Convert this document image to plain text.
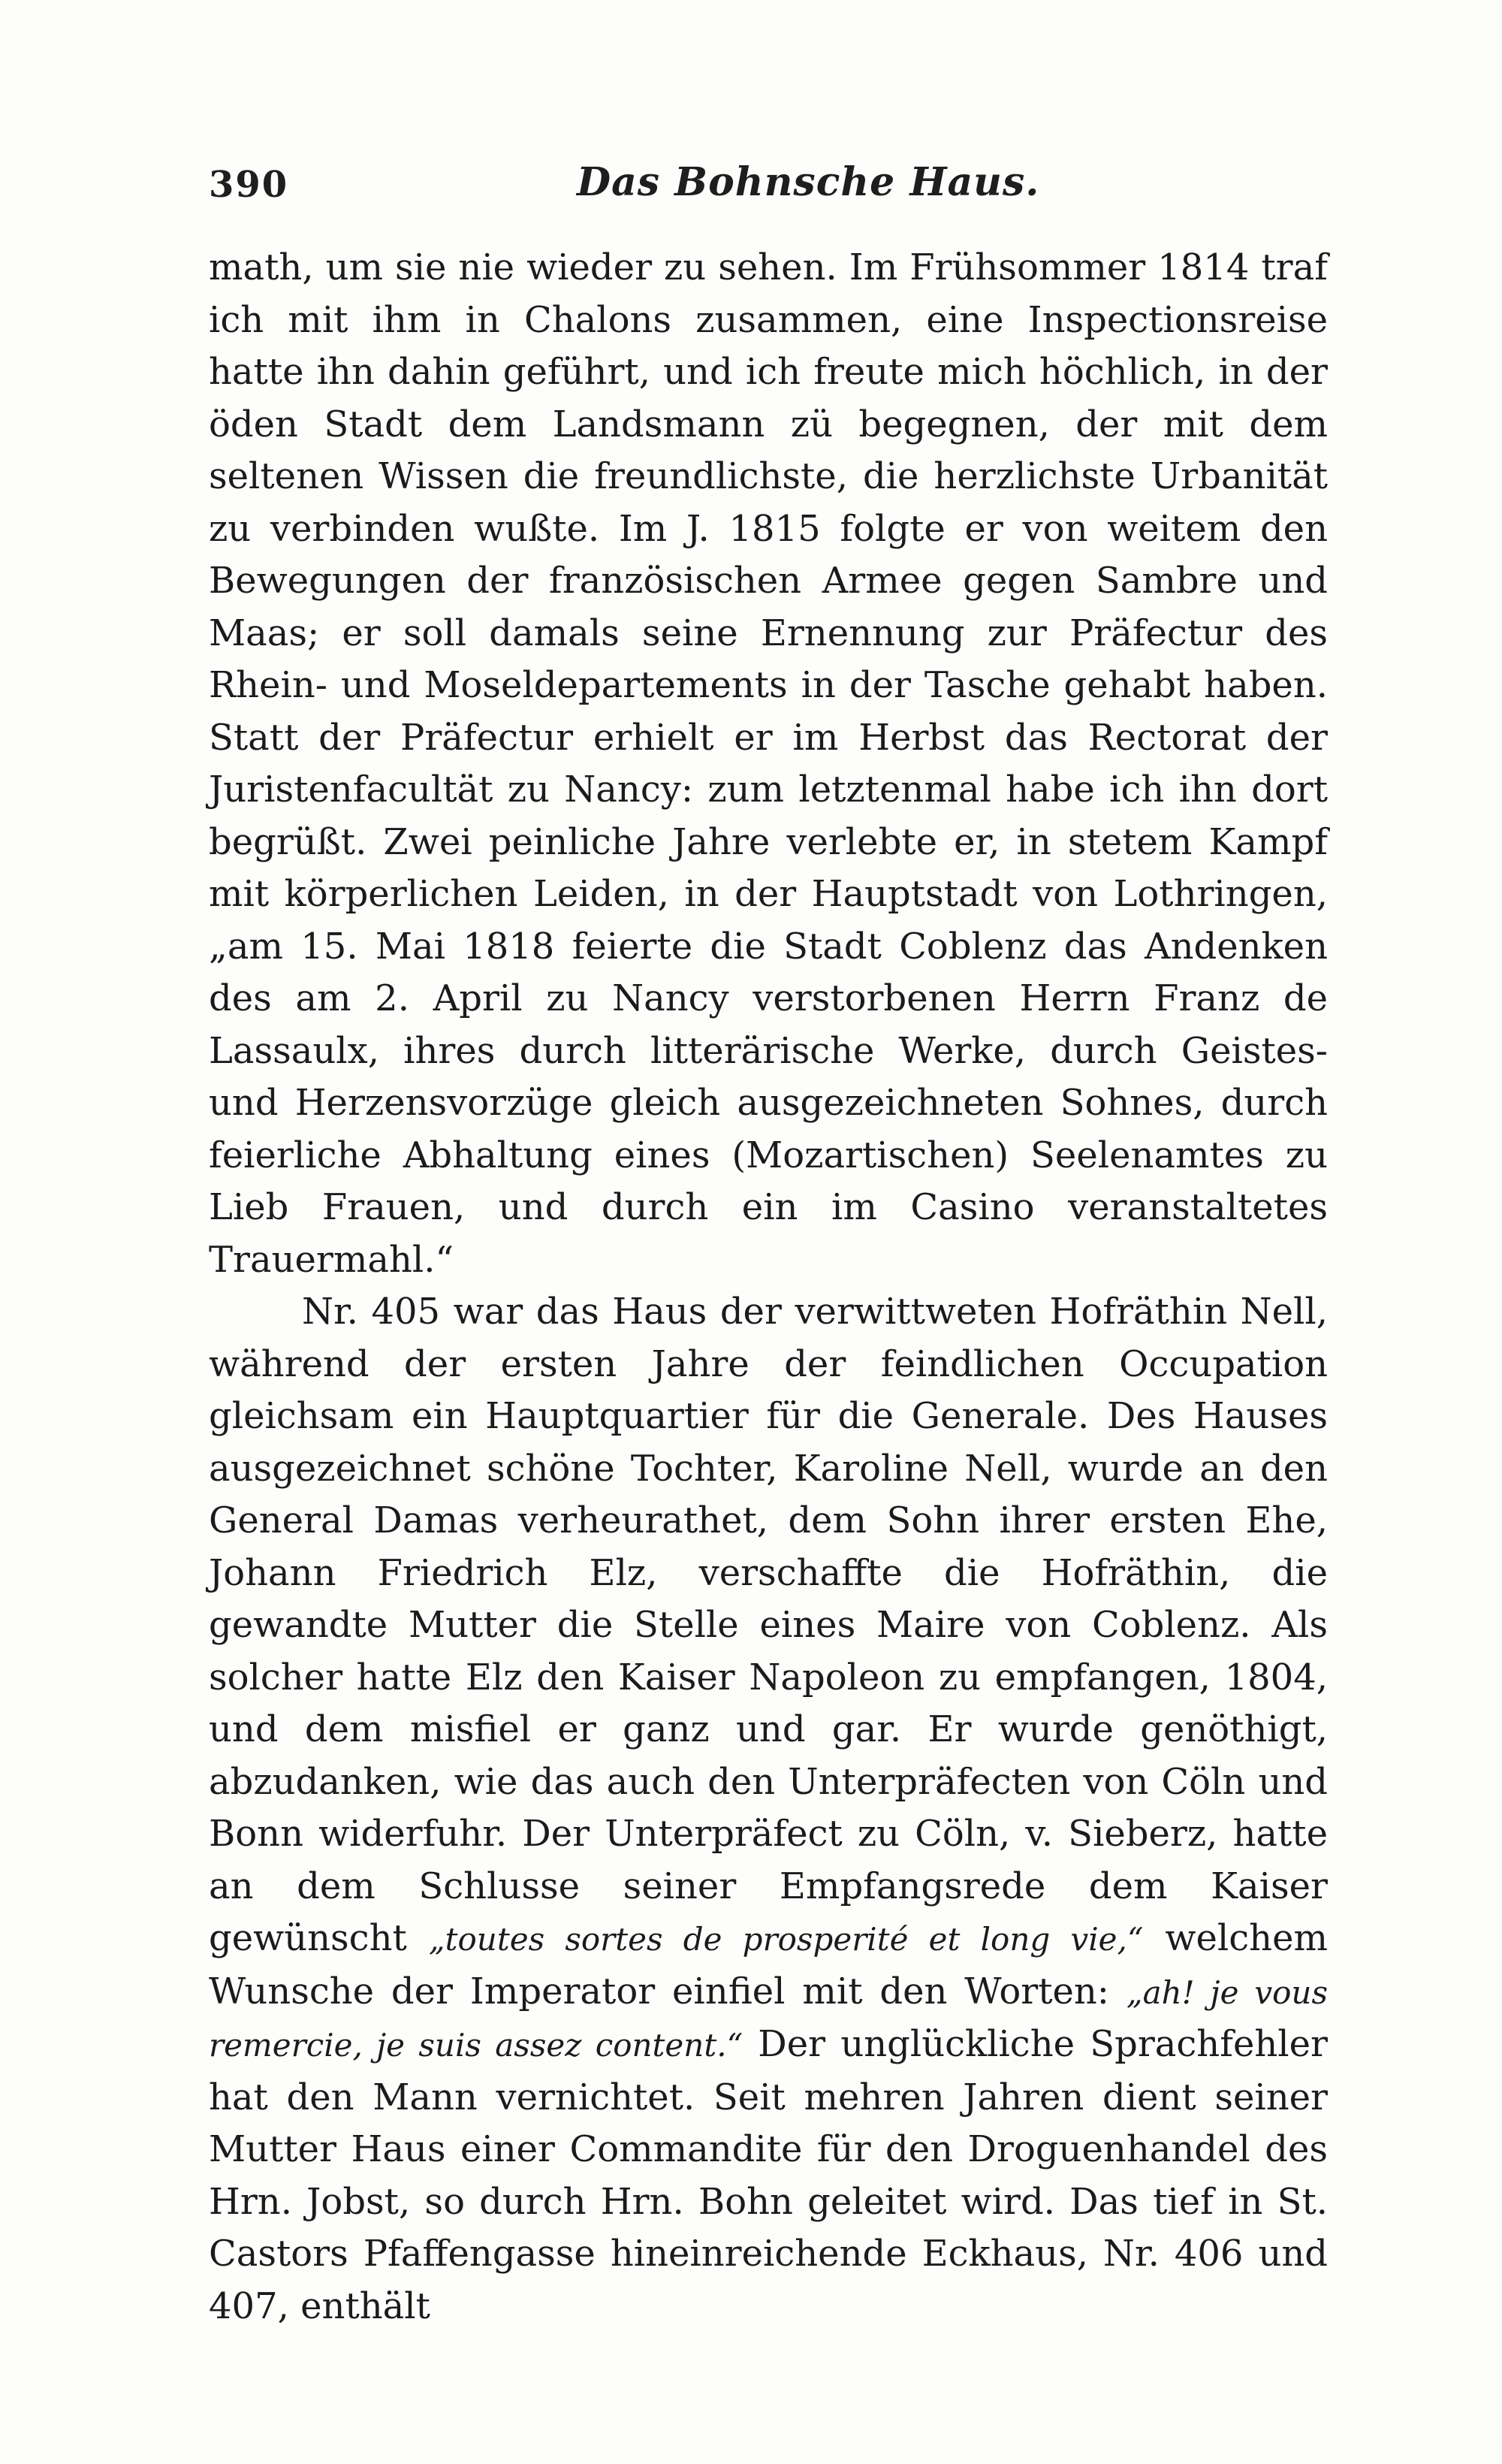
390	Das Bohnsche Haus.

math, um sie nie wieder zu sehen. Im Frühsommer 1814 traf ich mit ihm in Chalons zusammen, eine Inspectionsreise hatte ihn dahin geführt, und ich freute mich höchlich, in der öden Stadt dem Landsmann zü begegnen, der mit dem seltenen Wissen die freundlichste, die herzlichste Urbanität zu verbinden wußte. Im J. 1815 folgte er von weitem den Bewegungen der französischen Armee gegen Sambre und Maas; er soll damals seine Ernennung zur Präfectur des Rhein- und Moseldepartements in der Tasche gehabt haben. Statt der Präfectur erhielt er im Herbst das Rectorat der Juristenfacultät zu Nancy: zum letztenmal habe ich ihn dort begrüßt. Zwei peinliche Jahre verlebte er, in stetem Kampf mit körperlichen Leiden, in der Hauptstadt von Lothringen, „am 15. Mai 1818 feierte die Stadt Coblenz das Andenken des am 2. April zu Nancy verstorbenen Herrn Franz de Lassaulx, ihres durch litterärische Werke, durch Geistes- und Herzensvorzüge gleich ausgezeichneten Sohnes, durch feierliche Abhaltung eines (Mozartischen) Seelenamtes zu Lieb Frauen, und durch ein im Casino veranstaltetes Trauermahl.“

Nr. 405 war das Haus der verwittweten Hofräthin Nell, während der ersten Jahre der feindlichen Occupation gleichsam ein Hauptquartier für die Generale. Des Hauses ausgezeichnet schöne Tochter, Karoline Nell, wurde an den General Damas verheurathet, dem Sohn ihrer ersten Ehe, Johann Friedrich Elz, verschaffte die Hofräthin, die gewandte Mutter die Stelle eines Maire von Coblenz. Als solcher hatte Elz den Kaiser Napoleon zu empfangen, 1804, und dem misfiel er ganz und gar. Er wurde genöthigt, abzudanken, wie das auch den Unterpräfecten von Cöln und Bonn widerfuhr. Der Unterpräfect zu Cöln, v. Sieberz, hatte an dem Schlusse seiner Empfangsrede dem Kaiser gewünscht „toutes sortes de prosperité et long vie,“ welchem Wunsche der Imperator einfiel mit den Worten: „ah! je vous remercie, je suis assez content.“ Der unglückliche Sprachfehler hat den Mann vernichtet. Seit mehren Jahren dient seiner Mutter Haus einer Commandite für den Droguenhandel des Hrn. Jobst, so durch Hrn. Bohn geleitet wird. Das tief in St. Castors Pfaffengasse hineinreichende Eckhaus, Nr. 406 und 407, enthält
